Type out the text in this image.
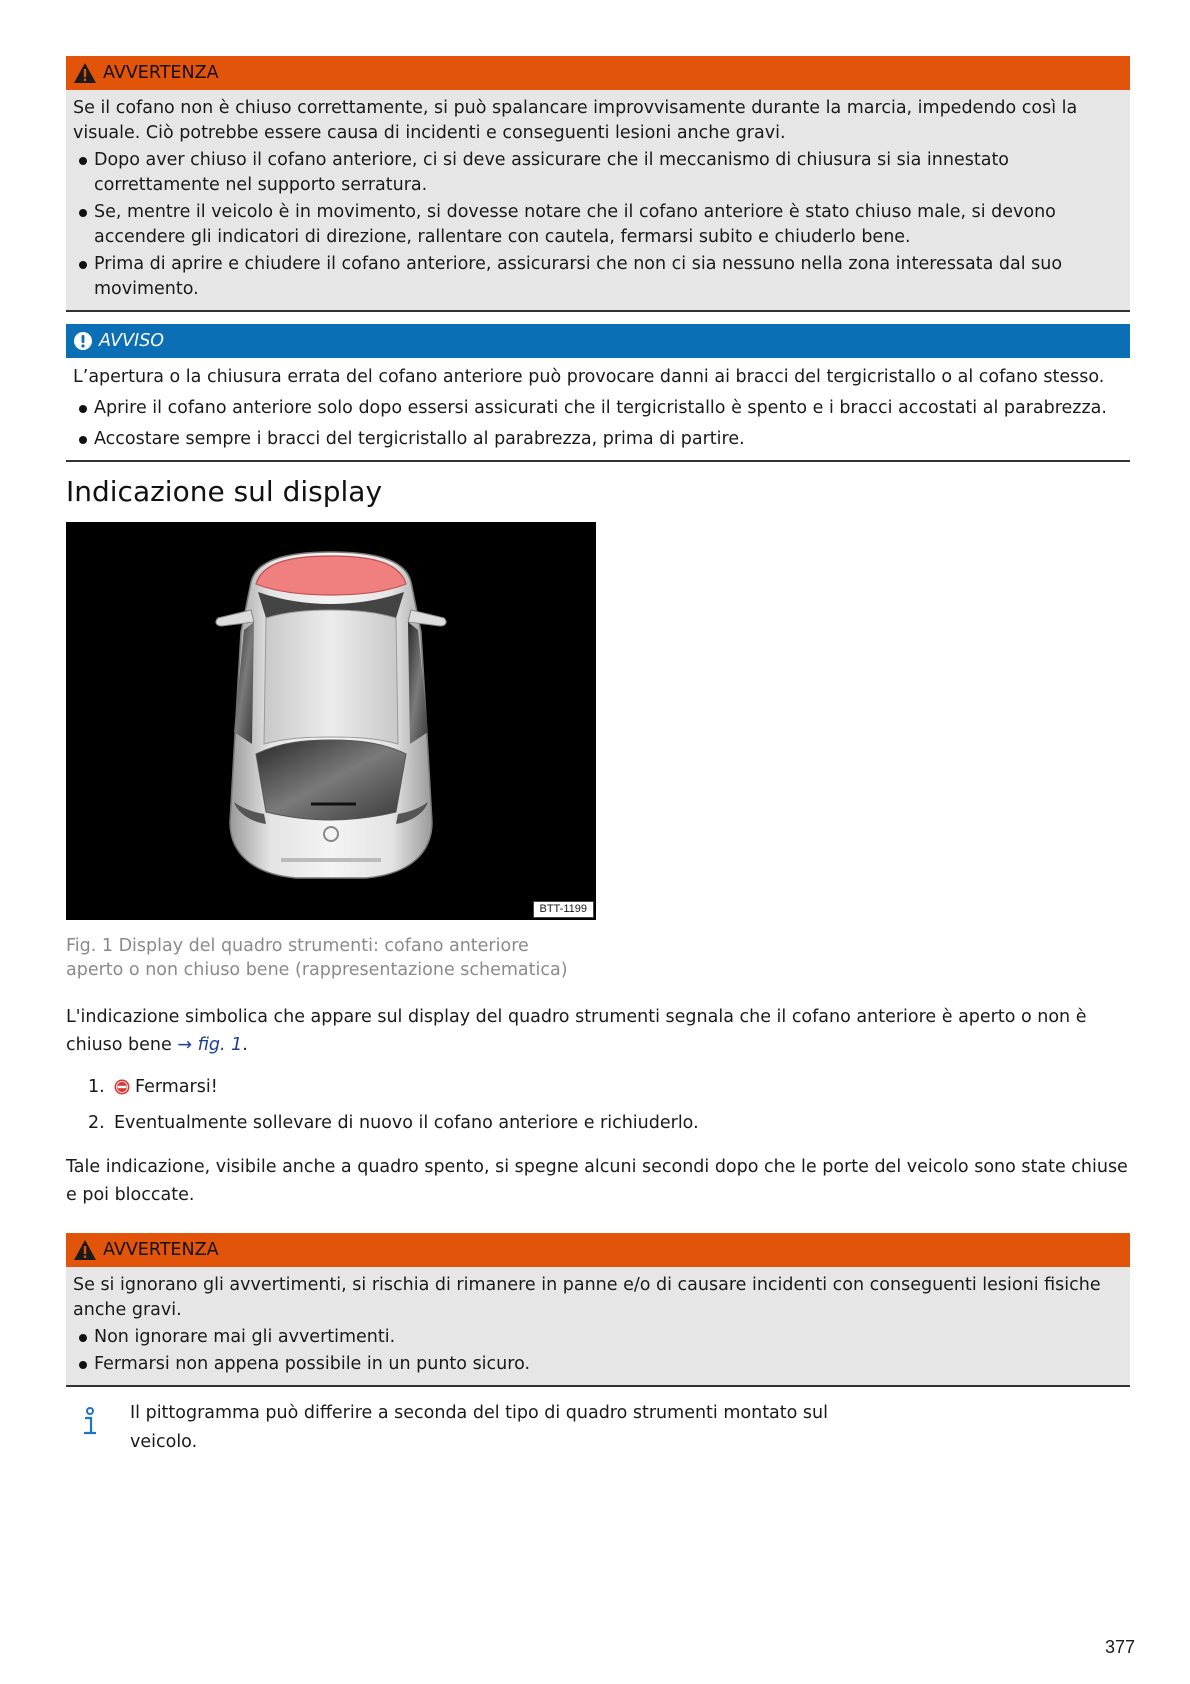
AVVERTENZA

Se il cofano non è chiuso correttamente, si può spalancare improvvisamente durante la marcia, impedendo così la visuale. Ciò potrebbe essere causa di incidenti e conseguenti lesioni anche gravi.

Dopo aver chiuso il cofano anteriore, ci si deve assicurare che il meccanismo di chiusura si sia innestato correttamente nel supporto serratura.
Se, mentre il veicolo è in movimento, si dovesse notare che il cofano anteriore è stato chiuso male, si devono accendere gli indicatori di direzione, rallentare con cautela, fermarsi subito e chiuderlo bene.
Prima di aprire e chiudere il cofano anteriore, assicurarsi che non ci sia nessuno nella zona interessata dal suo movimento.
AVVISO

L’apertura o la chiusura errata del cofano anteriore può provocare danni ai bracci del tergicristallo o al cofano stesso.

Aprire il cofano anteriore solo dopo essersi assicurati che il tergicristallo è spento e i bracci accostati al parabrezza.
Accostare sempre i bracci del tergicristallo al parabrezza, prima di partire.
Indicazione sul display
BTT-1199
Fig. 1 Display del quadro strumenti: cofano anteriore aperto o non chiuso bene (rappresentazione schematica)
L'indicazione simbolica che appare sul display del quadro strumenti segnala che il cofano anteriore è aperto o non è chiuso bene → fig. 1.
1.	Fermarsi!
2. Eventualmente sollevare di nuovo il cofano anteriore e richiuderlo.
Tale indicazione, visibile anche a quadro spento, si spegne alcuni secondi dopo che le porte del veicolo sono state chiuse e poi bloccate.
AVVERTENZA

Se si ignorano gli avvertimenti, si rischia di rimanere in panne e/o di causare incidenti con conseguenti lesioni fisiche anche gravi.

Non ignorare mai gli avvertimenti.
Fermarsi non appena possibile in un punto sicuro.
Il pittogramma può differire a seconda del tipo di quadro strumenti montato sul veicolo.
377
